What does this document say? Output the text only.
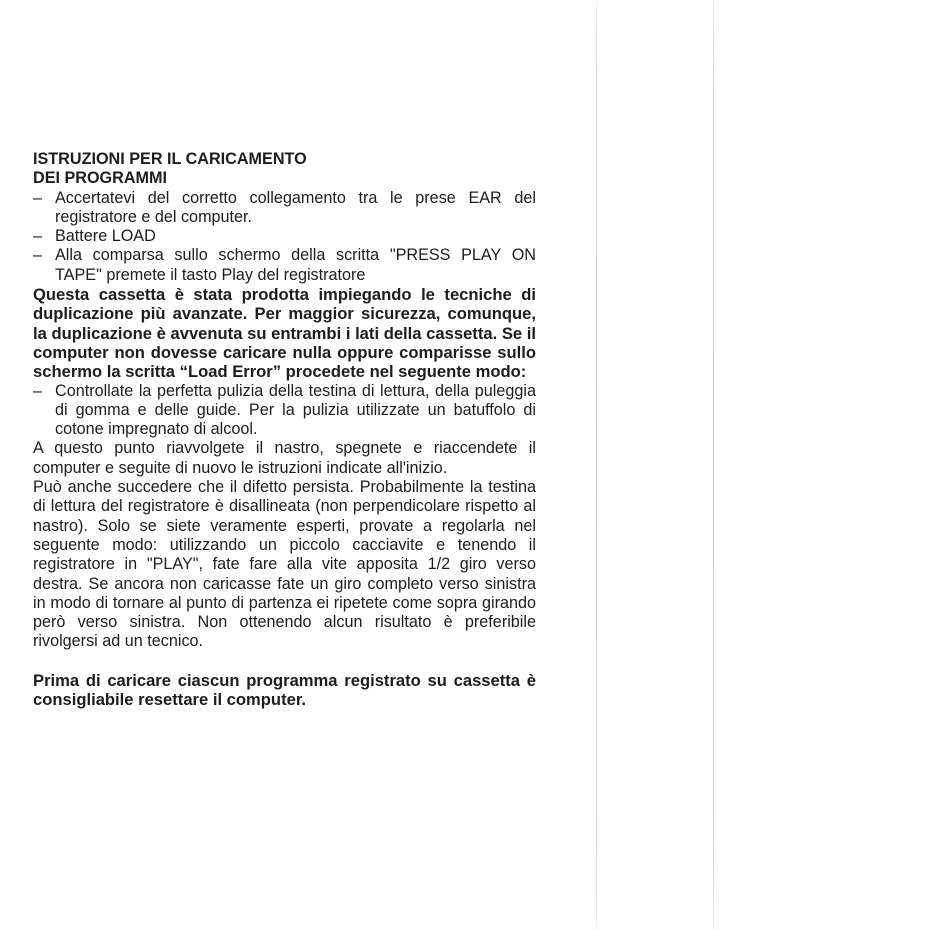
ISTRUZIONI PER IL CARICAMENTO
DEI PROGRAMMI

– Accertatevi del corretto collegamento tra le prese EAR del registratore e del computer.
– Battere LOAD
– Alla comparsa sullo schermo della scritta "PRESS PLAY ON TAPE" premete il tasto Play del registratore

Questa cassetta è stata prodotta impiegando le tecniche di duplicazione più avanzate. Per maggior sicurezza, comunque, la duplicazione è avvenuta su entrambi i lati della cassetta. Se il computer non dovesse caricare nulla oppure comparisse sullo schermo la scritta “Load Error” procedete nel seguente modo:

– Controllate la perfetta pulizia della testina di lettura, della puleggia di gomma e delle guide. Per la pulizia utilizzate un batuffolo di cotone impregnato di alcool.

A questo punto riavvolgete il nastro, spegnete e riaccendete il computer e seguite di nuovo le istruzioni indicate all'inizio.

Può anche succedere che il difetto persista. Probabilmente la testina di lettura del registratore è disallineata (non perpendicolare rispetto al nastro). Solo se siete veramente esperti, provate a regolarla nel seguente modo: utilizzando un piccolo cacciavite e tenendo il registratore in "PLAY", fate fare alla vite apposita 1/2 giro verso destra. Se ancora non caricasse fate un giro completo verso sinistra in modo di tornare al punto di partenza ei ripetete come sopra girando però verso sinistra. Non ottenendo alcun risultato è preferibile rivolgersi ad un tecnico.

Prima di caricare ciascun programma registrato su cassetta è consigliabile resettare il computer.
